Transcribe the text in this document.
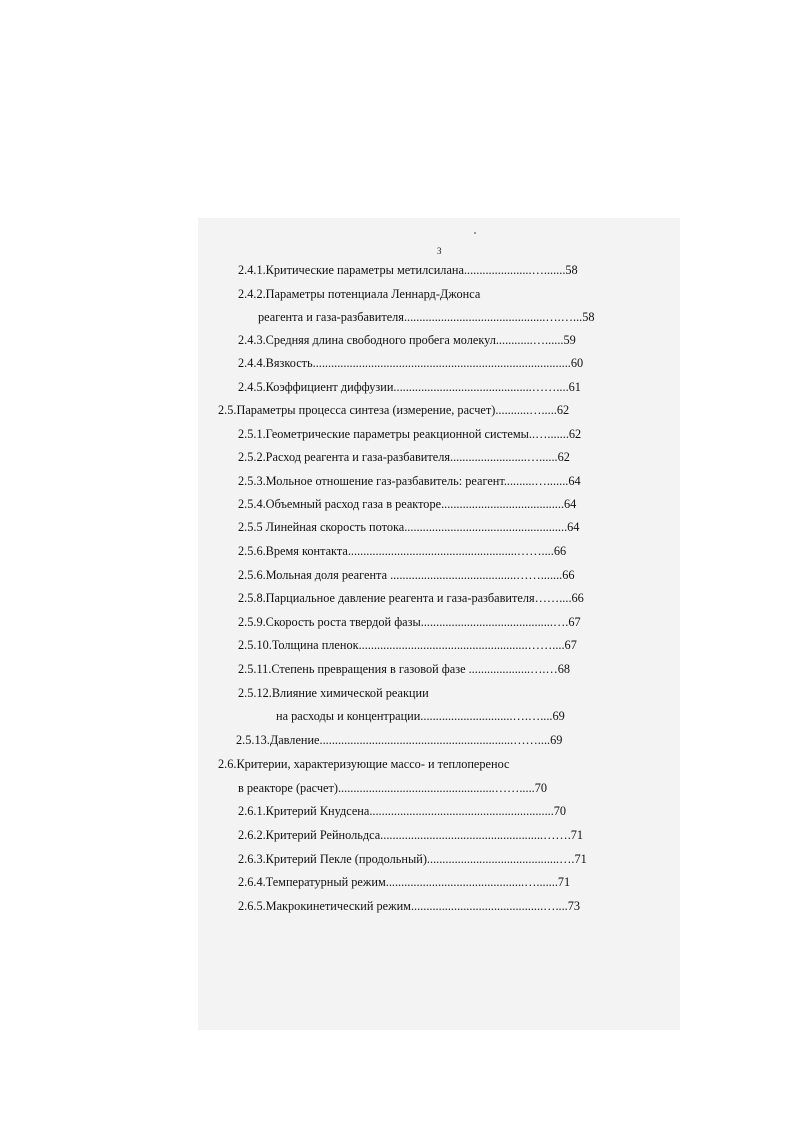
3
2.4.1.Критические параметры метилсилана......................….......58
2.4.2.Параметры потенциала Леннард-Джонса
реагента и газа-разбавителя..............................................….…...58
2.4.3.Средняя длина свободного пробега молекул............…......59
2.4.4.Вязкость....................................................................................60
2.4.5.Коэффициент диффузии.............................................……....61
2.5.Параметры процесса синтеза (измерение, расчет)...........….....62
2.5.1.Геометрические параметры реакционной системы..….......62
2.5.2.Расход реагента и газа-разбавителя.........................…......62
2.5.3.Мольное отношение газ-разбавитель: реагент..........….......64
2.5.4.Объемный расход газа в реакторе........................................64
2.5.5 Линейная скорость потока.....................................................64
2.5.6.Время контакта.......................................................……....66
2.5.6.Мольная доля реагента .........................................…….......66
2.5.8.Парциальное давление реагента и газа-разбавителя……....66
2.5.9.Скорость роста твердой фазы...........................................….67
2.5.10.Толщина пленок.......................................................……....67
2.5.11.Степень превращения в газовой фазе ....................….…68
2.5.12.Влияние химической реакции
на расходы и концентрации..............................….…....69
2.5.13.Давление...............................................................……....69
2.6.Критерии, характеризующие массо- и теплоперенос
в реакторе (расчет)...................................................…….....70
2.6.1.Критерий Кнудсена............................................................70
2.6.2.Критерий Рейнольдса.....................................................…….71
2.6.3.Критерий Пекле (продольный)...........................................….71
2.6.4.Температурный режим.............................................….......71
2.6.5.Макрокинетический режим...........................................…....73
